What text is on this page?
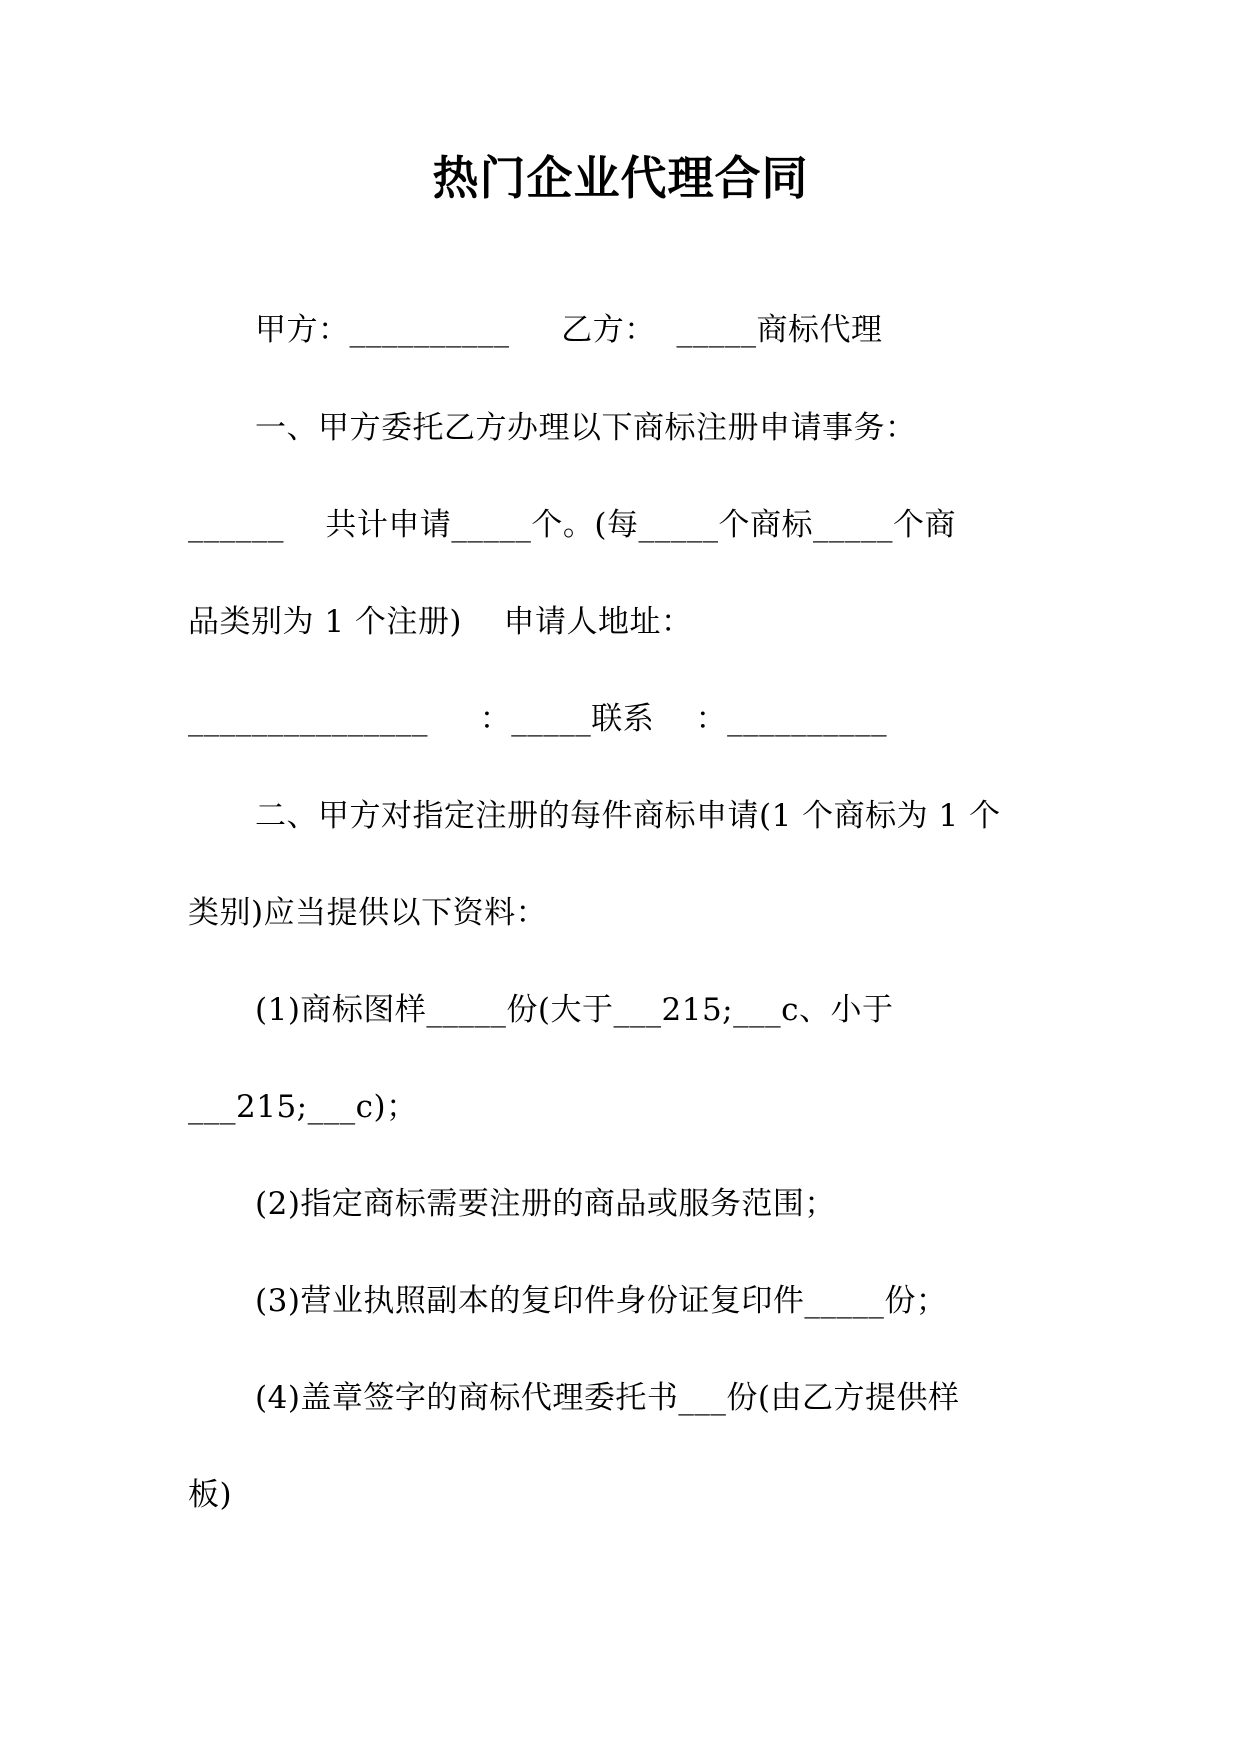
热门企业代理合同
甲方：__________     乙方：  _____商标代理
一、甲方委托乙方办理以下商标注册申请事务：
______    共计申请_____个。(每_____个商标_____个商
品类别为 1 个注册)    申请人地址：
_______________     ：_____联系    ：__________
二、甲方对指定注册的每件商标申请(1 个商标为 1 个
类别)应当提供以下资料：
(1)商标图样_____份(大于___215;___c、小于
___215;___c)；
(2)指定商标需要注册的商品或服务范围；
(3)营业执照副本的复印件身份证复印件_____份；
(4)盖章签字的商标代理委托书___份(由乙方提供样
板)
